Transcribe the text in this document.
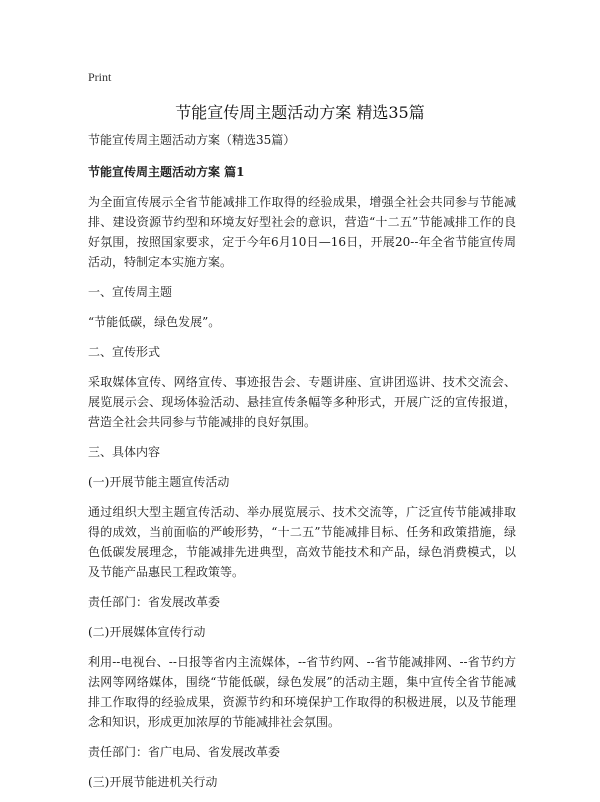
Print
节能宣传周主题活动方案 精选35篇

节能宣传周主题活动方案（精选35篇）

节能宣传周主题活动方案 篇1

为全面宣传展示全省节能减排工作取得的经验成果，增强全社会共同参与节能减排、建设资源节约型和环境友好型社会的意识，营造“十二五”节能减排工作的良好氛围，按照国家要求，定于今年6月10日—16日，开展20--年全省节能宣传周活动，特制定本实施方案。

一、宣传周主题

“节能低碳，绿色发展”。

二、宣传形式

采取媒体宣传、网络宣传、事迹报告会、专题讲座、宣讲团巡讲、技术交流会、展览展示会、现场体验活动、悬挂宣传条幅等多种形式，开展广泛的宣传报道，营造全社会共同参与节能减排的良好氛围。

三、具体内容

(一)开展节能主题宣传活动

通过组织大型主题宣传活动、举办展览展示、技术交流等，广泛宣传节能减排取得的成效，当前面临的严峻形势，“十二五”节能减排目标、任务和政策措施，绿色低碳发展理念，节能减排先进典型，高效节能技术和产品，绿色消费模式，以及节能产品惠民工程政策等。

责任部门：省发展改革委

(二)开展媒体宣传行动

利用--电视台、--日报等省内主流媒体，--省节约网、--省节能减排网、--省节约方法网等网络媒体，围绕“节能低碳，绿色发展”的活动主题，集中宣传全省节能减排工作取得的经验成果，资源节约和环境保护工作取得的积极进展，以及节能理念和知识，形成更加浓厚的节能减排社会氛围。

责任部门：省广电局、省发展改革委

(三)开展节能进机关行动
